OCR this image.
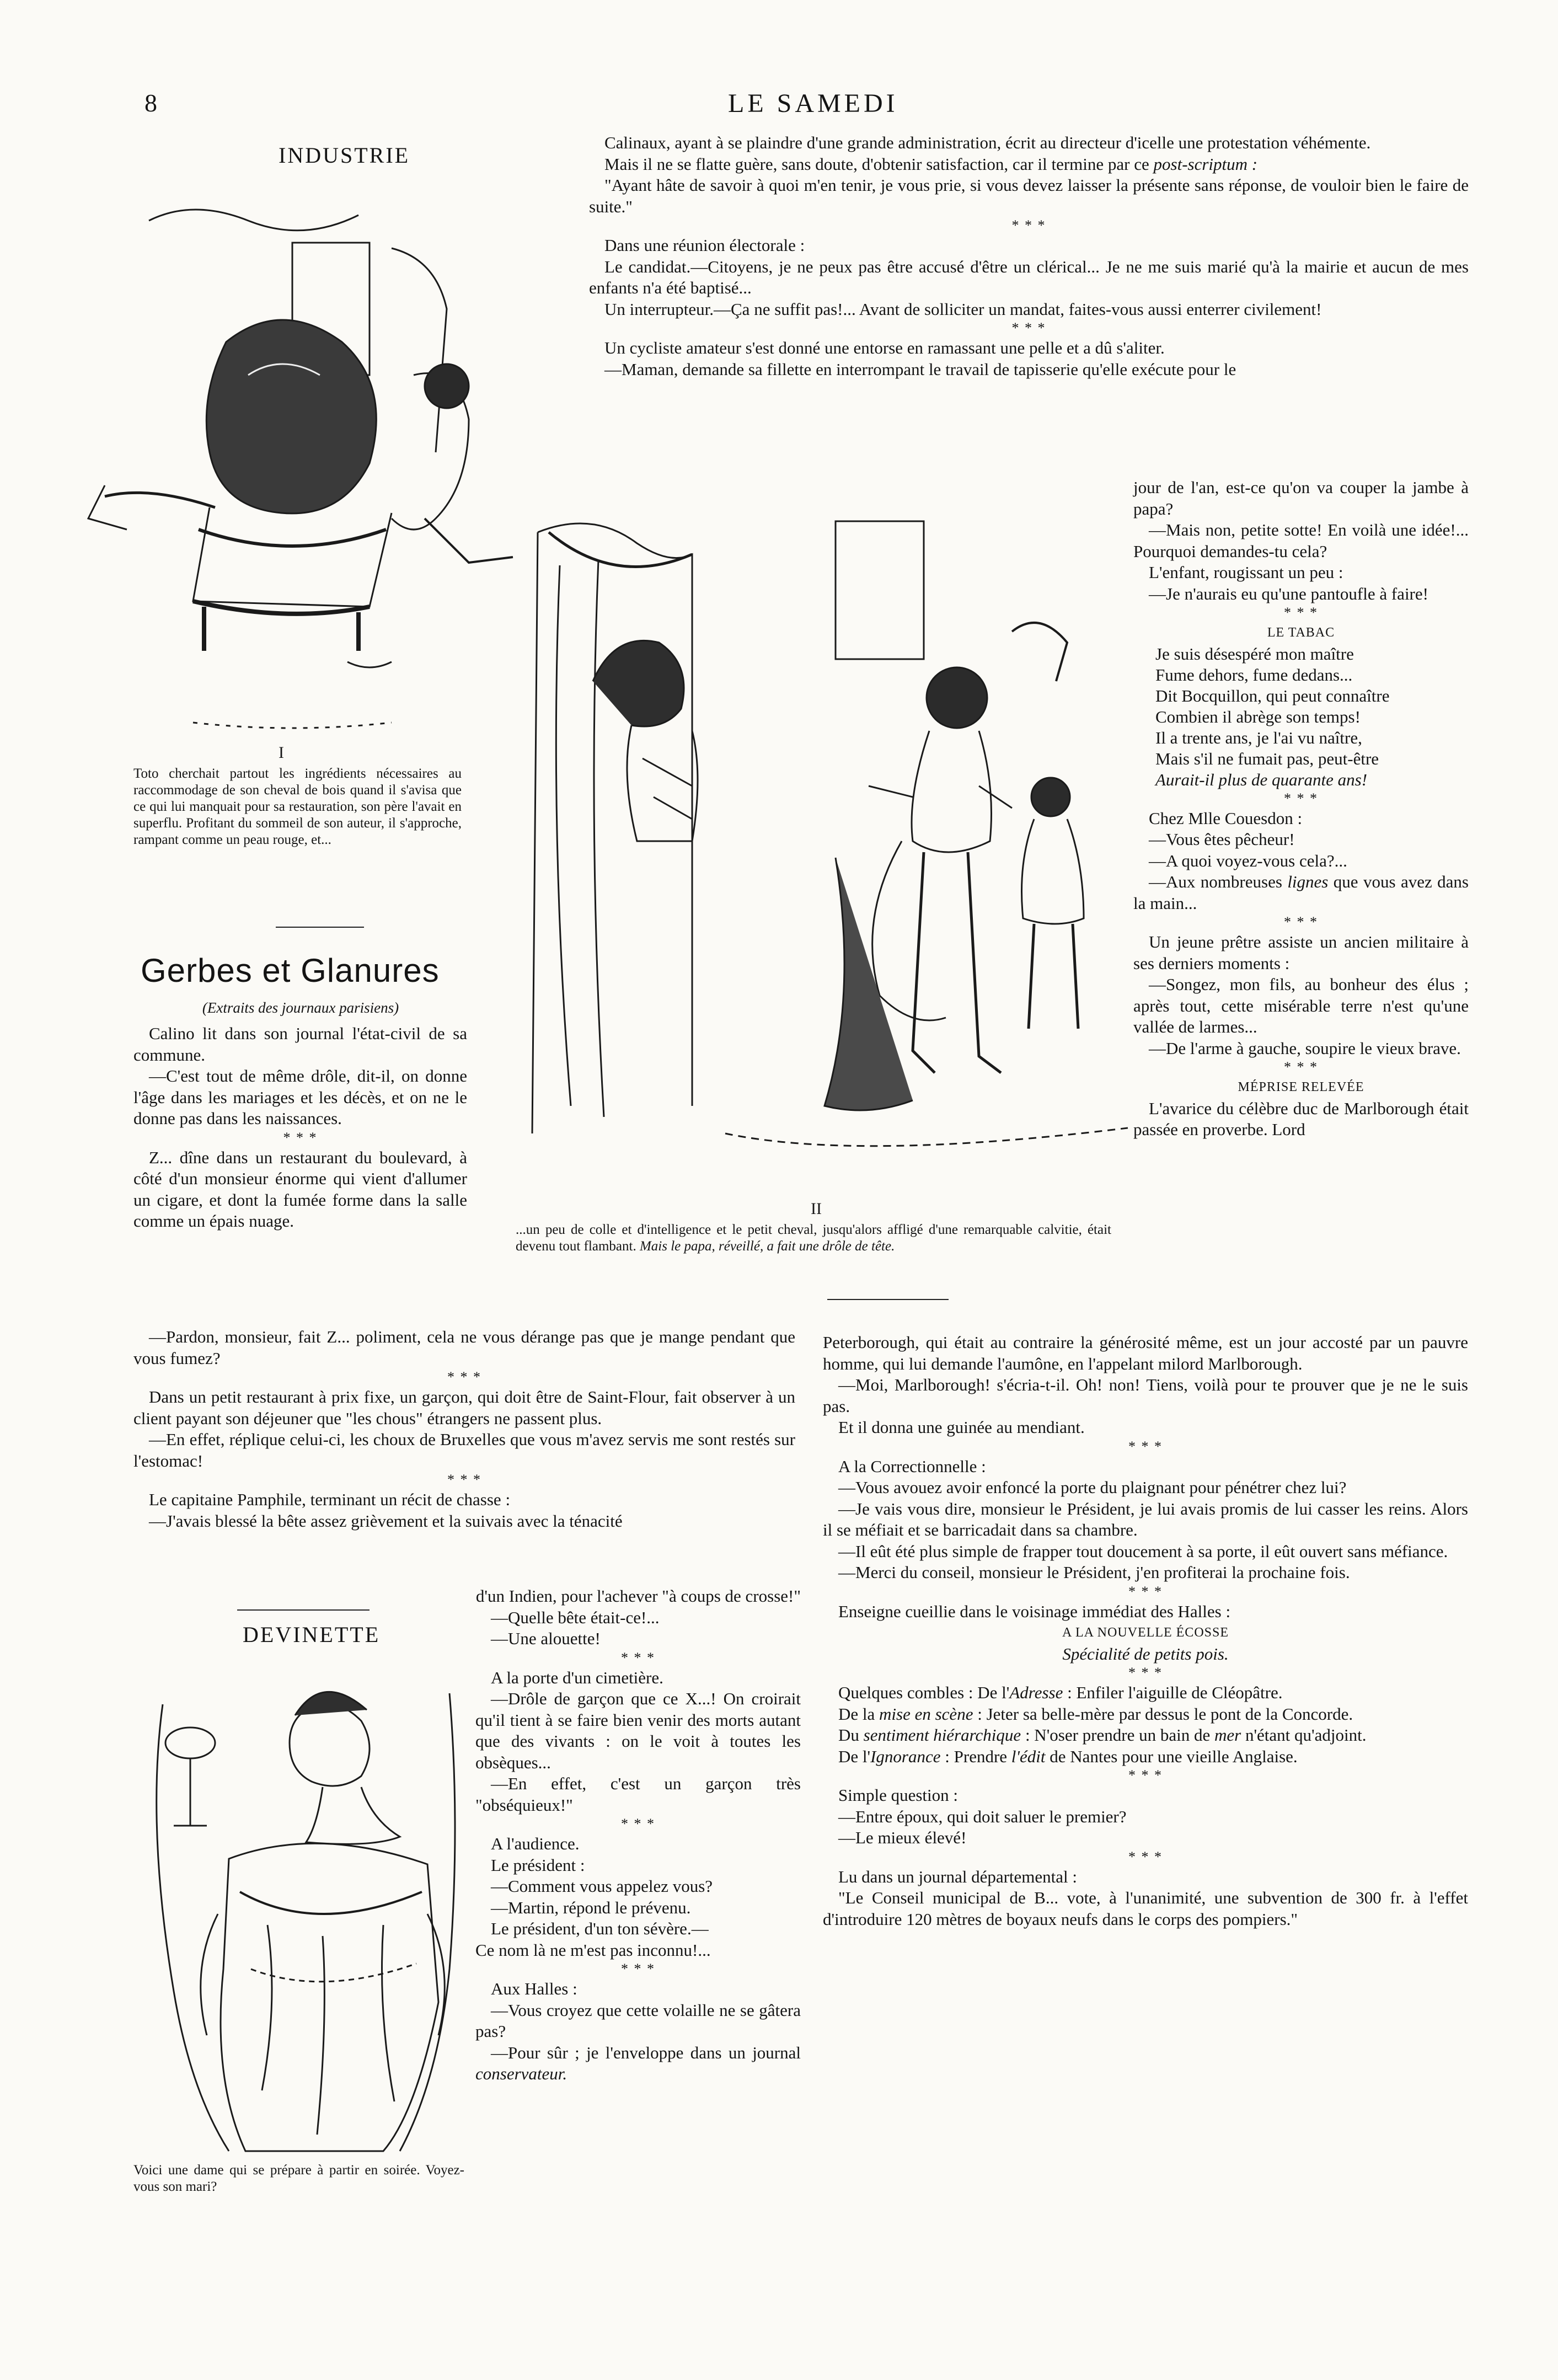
8	LE SAMEDI
INDUSTRIE
I
Toto cherchait partout les ingrédients nécessaires au raccommodage de son cheval de bois quand il s'avisa que ce qui lui manquait pour sa restauration, son père l'avait en superflu. Profitant du sommeil de son auteur, il s'approche, rampant comme un peau rouge, et...
Gerbes et Glanures
(Extraits des journaux parisiens)

Calino lit dans son journal l'état-civil de sa commune.

—C'est tout de même drôle, dit-il, on donne l'âge dans les mariages et les décès, et on ne le donne pas dans les naissances.

* * *

Z... dîne dans un restaurant du boulevard, à côté d'un monsieur énorme qui vient d'allumer un cigare, et dont la fumée forme dans la salle comme un épais nuage.

—Pardon, monsieur, fait Z... poliment, cela ne vous dérange pas que je mange pendant que vous fumez?

* * *

Dans un petit restaurant à prix fixe, un garçon, qui doit être de Saint-Flour, fait observer à un client payant son déjeuner que "les chous" étrangers ne passent plus.

—En effet, réplique celui-ci, les choux de Bruxelles que vous m'avez servis me sont restés sur l'estomac!

* * *

Le capitaine Pamphile, terminant un récit de chasse :

—J'avais blessé la bête assez grièvement et la suivais avec la ténacité

d'un Indien, pour l'achever "à coups de crosse!"

—Quelle bête était-ce!...

—Une alouette!

* * *

A la porte d'un cimetière.

—Drôle de garçon que ce X...! On croirait qu'il tient à se faire bien venir des morts autant que des vivants : on le voit à toutes les obsèques...

—En effet, c'est un garçon très "obséquieux!"

* * *

A l'audience.

Le président :

—Comment vous appelez vous?

—Martin, répond le prévenu.

Le président, d'un ton sévère.—

Ce nom là ne m'est pas inconnu!...

* * *

Aux Halles :

—Vous croyez que cette volaille ne se gâtera pas?

—Pour sûr ; je l'enveloppe dans un journal conservateur.

DEVINETTE
Voici une dame qui se prépare à partir en soirée. Voyez-vous son mari?

Calinaux, ayant à se plaindre d'une grande administration, écrit au directeur d'icelle une protestation véhémente.

Mais il ne se flatte guère, sans doute, d'obtenir satisfaction, car il termine par ce post-scriptum :

"Ayant hâte de savoir à quoi m'en tenir, je vous prie, si vous devez laisser la présente sans réponse, de vouloir bien le faire de suite."

* * *

Dans une réunion électorale :

Le candidat.—Citoyens, je ne peux pas être accusé d'être un clérical... Je ne me suis marié qu'à la mairie et aucun de mes enfants n'a été baptisé...

Un interrupteur.—Ça ne suffit pas!... Avant de solliciter un mandat, faites-vous aussi enterrer civilement!

* * *

Un cycliste amateur s'est donné une entorse en ramassant une pelle et a dû s'aliter.

—Maman, demande sa fillette en interrompant le travail de tapisserie qu'elle exécute pour le

II
...un peu de colle et d'intelligence et le petit cheval, jusqu'alors affligé d'une remarquable calvitie, était devenu tout flambant. Mais le papa, réveillé, a fait une drôle de tête.

jour de l'an, est-ce qu'on va couper la jambe à papa?

—Mais non, petite sotte! En voilà une idée!... Pourquoi demandes-tu cela?

L'enfant, rougissant un peu :

—Je n'aurais eu qu'une pantoufle à faire!

* * *
LE TABAC
Je suis désespéré mon maître
Fume dehors, fume dedans...
Dit Bocquillon, qui peut connaître
Combien il abrège son temps!
Il a trente ans, je l'ai vu naître,
Mais s'il ne fumait pas, peut-être
Aurait-il plus de quarante ans!
* * *

Chez Mlle Couesdon :

—Vous êtes pêcheur!

—A quoi voyez-vous cela?...

—Aux nombreuses lignes que vous avez dans la main...

* * *

Un jeune prêtre assiste un ancien militaire à ses derniers moments :

—Songez, mon fils, au bonheur des élus ; après tout, cette misérable terre n'est qu'une vallée de larmes...

—De l'arme à gauche, soupire le vieux brave.

* * *
MÉPRISE RELEVÉE

L'avarice du célèbre duc de Marlborough était passée en proverbe. Lord

Peterborough, qui était au contraire la générosité même, est un jour accosté par un pauvre homme, qui lui demande l'aumône, en l'appelant milord Marlborough.

—Moi, Marlborough! s'écria-t-il. Oh! non! Tiens, voilà pour te prouver que je ne le suis pas.

Et il donna une guinée au mendiant.

* * *

A la Correctionnelle :

—Vous avouez avoir enfoncé la porte du plaignant pour pénétrer chez lui?

—Je vais vous dire, monsieur le Président, je lui avais promis de lui casser les reins. Alors il se méfiait et se barricadait dans sa chambre.

—Il eût été plus simple de frapper tout doucement à sa porte, il eût ouvert sans méfiance.

—Merci du conseil, monsieur le Président, j'en profiterai la prochaine fois.

* * *

Enseigne cueillie dans le voisinage immédiat des Halles :

A LA NOUVELLE ÉCOSSE
Spécialité de petits pois.
* * *

Quelques combles : De l'Adresse : Enfiler l'aiguille de Cléopâtre.

De la mise en scène : Jeter sa belle-mère par dessus le pont de la Concorde.

Du sentiment hiérarchique : N'oser prendre un bain de mer n'étant qu'adjoint.

De l'Ignorance : Prendre l'édit de Nantes pour une vieille Anglaise.

* * *

Simple question :

—Entre époux, qui doit saluer le premier?

—Le mieux élevé!

* * *

Lu dans un journal départemental :

"Le Conseil municipal de B... vote, à l'unanimité, une subvention de 300 fr. à l'effet d'introduire 120 mètres de boyaux neufs dans le corps des pompiers."
